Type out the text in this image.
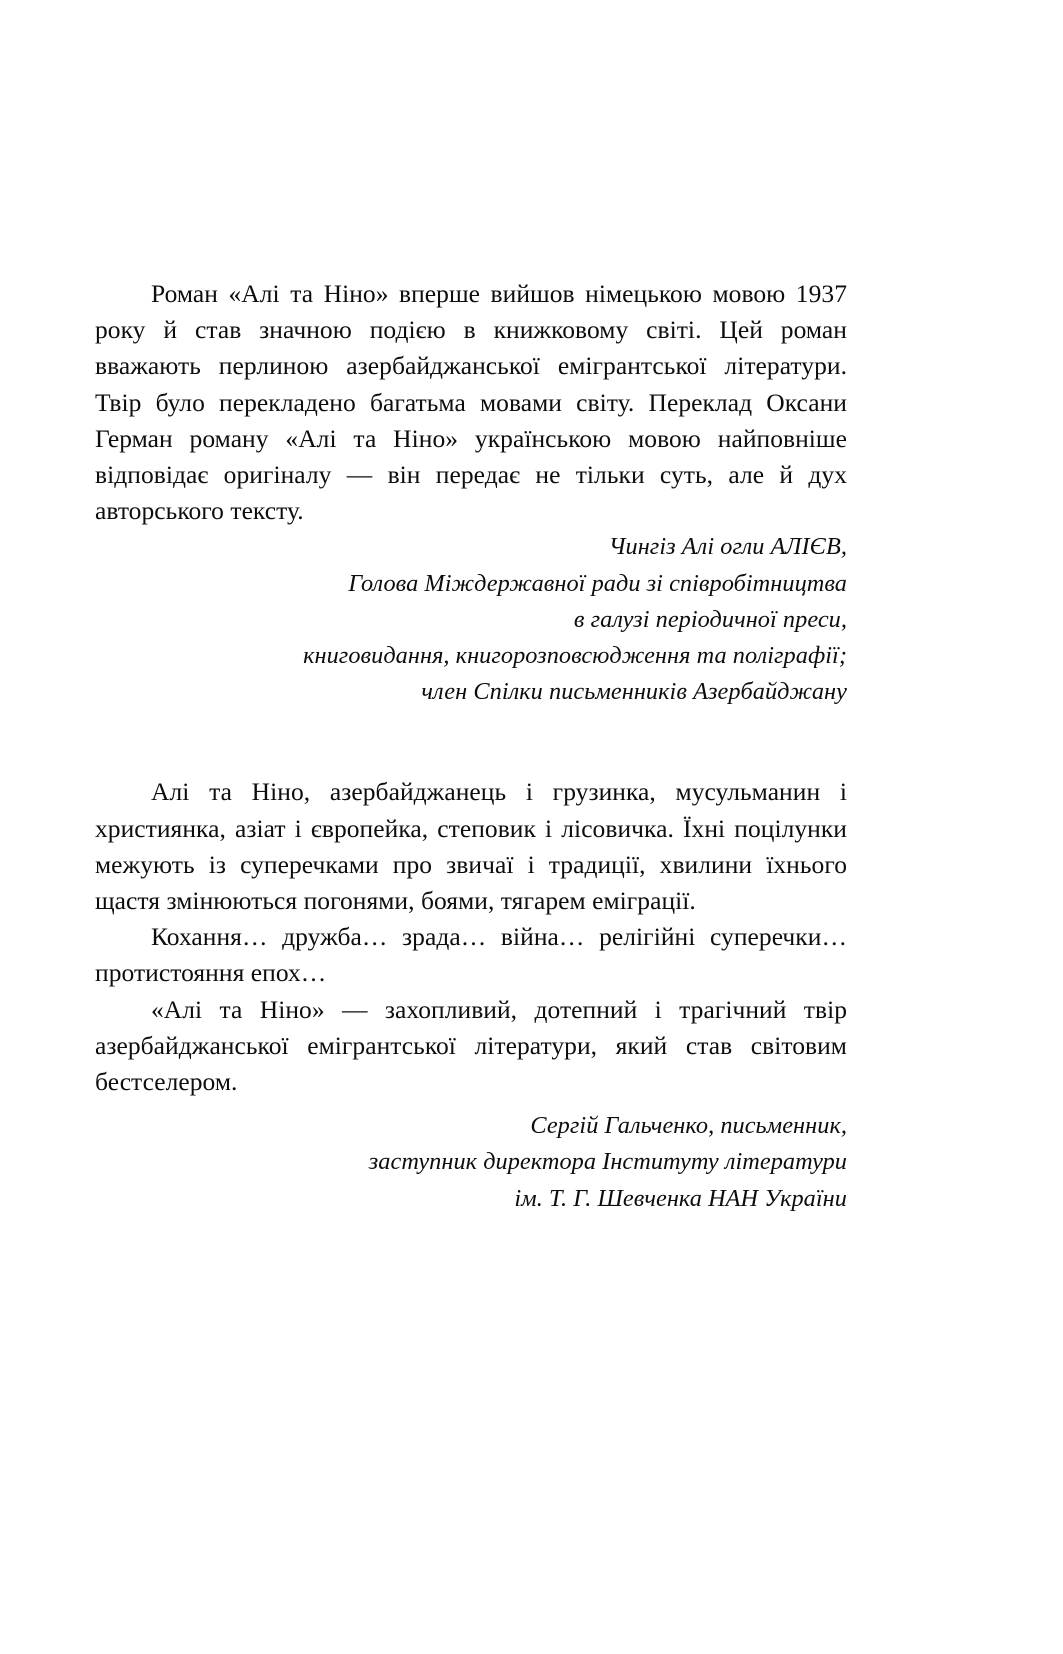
Роман «Алі та Ніно» вперше вийшов німецькою мовою 1937 року й став значною подією в книжковому світі. Цей роман вважають перлиною азербайджанської емігрантської літератури. Твір було перекладено багатьма мовами світу. Переклад Оксани Герман роману «Алі та Ніно» українською мовою найповніше відповідає оригіналу — він передає не тільки суть, але й дух авторського тексту.

Чингіз Алі огли АЛІЄВ,
Голова Міждержавної ради зі співробітництва
в галузі періодичної преси,
книговидання, книгорозповсюдження та поліграфії;
член Спілки письменників Азербайджану

Алі та Ніно, азербайджанець і грузинка, мусульманин і християнка, азіат і європейка, степовик і лісовичка. Їхні поцілунки межують із суперечками про звичаї і традиції, хвилини їхнього щастя змінюються погонями, боями, тягарем еміграції.

Кохання… дружба… зрада… війна… релігійні суперечки… протистояння епох…

«Алі та Ніно» — захопливий, дотепний і трагічний твір азербайджанської емігрантської літератури, який став світовим бестселером.

Сергій Гальченко, письменник,
заступник директора Інституту літератури
ім. Т. Г. Шевченка НАН України
